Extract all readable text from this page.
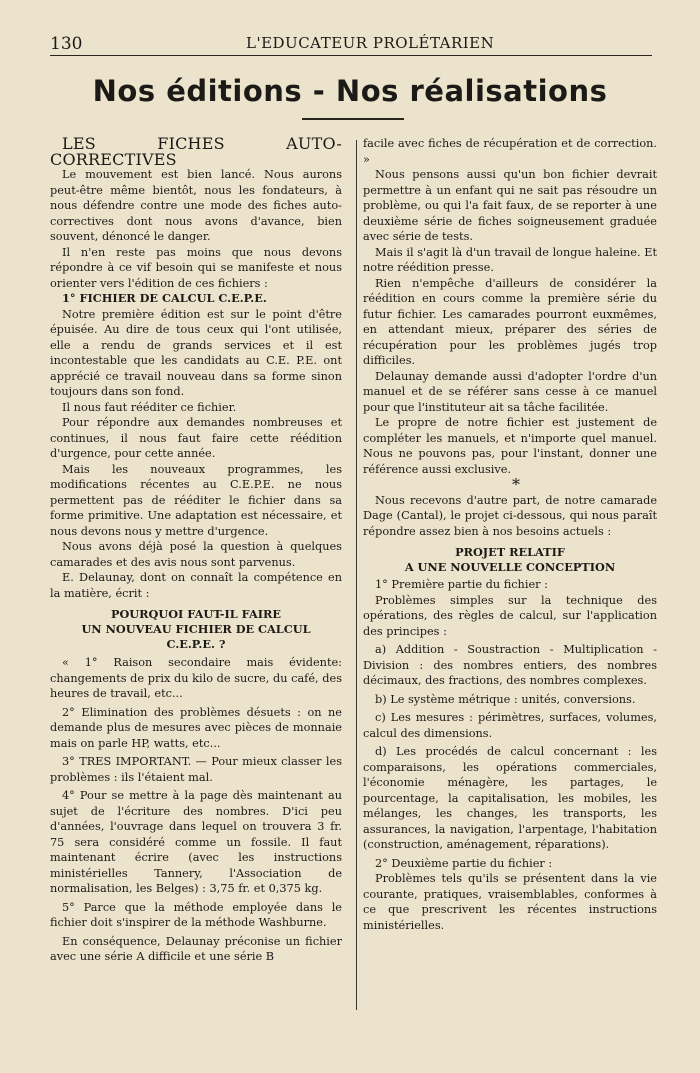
130	L'EDUCATEUR PROLÉTARIEN
Nos éditions - Nos réalisations

LES FICHES AUTO-CORRECTIVES

Le mouvement est bien lancé. Nous aurons peut-être même bientôt, nous les fondateurs, à nous défendre contre une mode des fiches auto-correctives dont nous avons d'avance, bien souvent, dénoncé le danger.

Il n'en reste pas moins que nous devons répondre à ce vif besoin qui se manifeste et nous orienter vers l'édition de ces fichiers :

1° FICHIER DE CALCUL C.E.P.E.

Notre première édition est sur le point d'être épuisée. Au dire de tous ceux qui l'ont utilisée, elle a rendu de grands services et il est incontestable que les candidats au C.E. P.E. ont apprécié ce travail nouveau dans sa forme sinon toujours dans son fond.

Il nous faut rééditer ce fichier.

Pour répondre aux demandes nombreuses et continues, il nous faut faire cette réédition d'urgence, pour cette année.

Mais les nouveaux programmes, les modifications récentes au C.E.P.E. ne nous permettent pas de rééditer le fichier dans sa forme primitive. Une adaptation est nécessaire, et nous devons nous y mettre d'urgence.

Nous avons déjà posé la question à quelques camarades et des avis nous sont parvenus.

E. Delaunay, dont on connaît la compétence en la matière, écrit :

POURQUOI FAUT-IL FAIRE
UN NOUVEAU FICHIER DE CALCUL
C.E.P.E. ?

« 1° Raison secondaire mais évidente: changements de prix du kilo de sucre, du café, des heures de travail, etc...

2° Elimination des problèmes désuets : on ne demande plus de mesures avec pièces de monnaie mais on parle HP, watts, etc...

3° TRES IMPORTANT. — Pour mieux classer les problèmes : ils l'étaient mal.

4° Pour se mettre à la page dès maintenant au sujet de l'écriture des nombres. D'ici peu d'années, l'ouvrage dans lequel on trouvera 3 fr. 75 sera considéré comme un fossile. Il faut maintenant écrire (avec les instructions ministérielles Tannery, l'Association de normalisation, les Belges) : 3,75 fr. et 0,375 kg.

5° Parce que la méthode employée dans le fichier doit s'inspirer de la méthode Washburne.

En conséquence, Delaunay préconise un fichier avec une série A difficile et une série B

facile avec fiches de récupération et de correction. »

Nous pensons aussi qu'un bon fichier devrait permettre à un enfant qui ne sait pas résoudre un problème, ou qui l'a fait faux, de se reporter à une deuxième série de fiches soigneusement graduée avec série de tests.

Mais il s'agit là d'un travail de longue haleine. Et notre réédition presse.

Rien n'empêche d'ailleurs de considérer la réédition en cours comme la première série du futur fichier. Les camarades pourront euxmêmes, en attendant mieux, préparer des séries de récupération pour les problèmes jugés trop difficiles.

Delaunay demande aussi d'adopter l'ordre d'un manuel et de se référer sans cesse à ce manuel pour que l'instituteur ait sa tâche facilitée.

Le propre de notre fichier est justement de compléter les manuels, et n'importe quel manuel. Nous ne pouvons pas, pour l'instant, donner une référence aussi exclusive.

*

Nous recevons d'autre part, de notre camarade Dage (Cantal), le projet ci-dessous, qui nous paraît répondre assez bien à nos besoins actuels :

PROJET RELATIF
A UNE NOUVELLE CONCEPTION

1° Première partie du fichier :

Problèmes simples sur la technique des opérations, des règles de calcul, sur l'application des principes :

a) Addition - Soustraction - Multiplication - Division : des nombres entiers, des nombres décimaux, des fractions, des nombres complexes.

b) Le système métrique : unités, conversions.

c) Les mesures : périmètres, surfaces, volumes, calcul des dimensions.

d) Les procédés de calcul concernant : les comparaisons, les opérations commerciales, l'économie ménagère, les partages, le pourcentage, la capitalisation, les mobiles, les mélanges, les changes, les transports, les assurances, la navigation, l'arpentage, l'habitation (construction, aménagement, réparations).

2° Deuxième partie du fichier :

Problèmes tels qu'ils se présentent dans la vie courante, pratiques, vraisemblables, conformes à ce que prescrivent les récentes instructions ministérielles.
